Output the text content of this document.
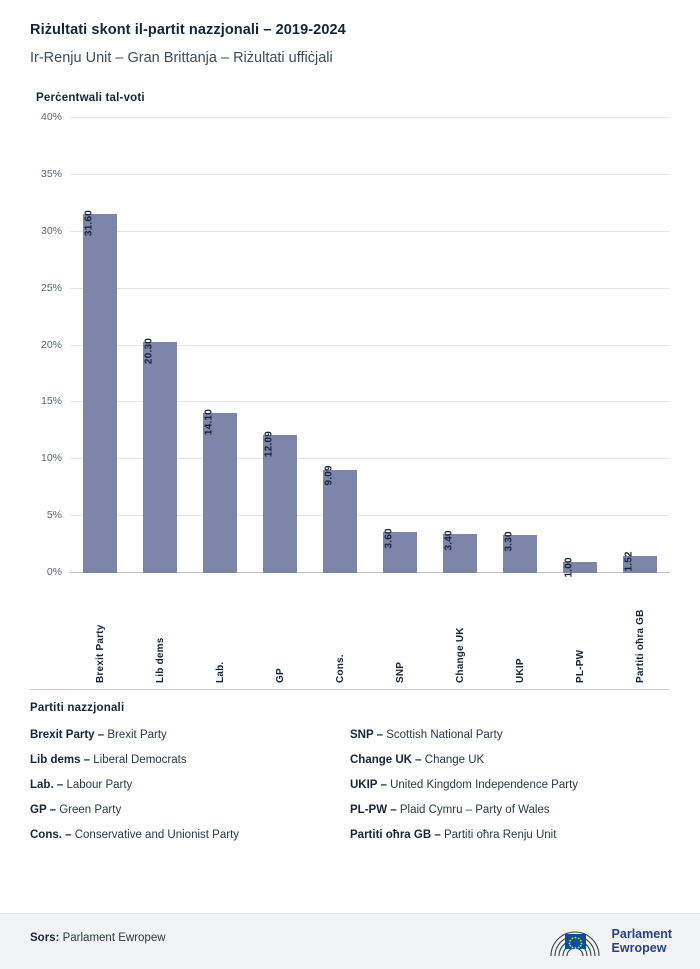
Riżultati skont il-partit nazzjonali – 2019-2024

Ir-Renju Unit – Gran Brittanja – Riżultati uffiċjali

Perċentwali tal-voti
0%
5%
10%
15%
20%
25%
30%
35%
40%
31.60
20.30
14.10
12.09
9.09
3.60	3.40	3.30
1.00	1.52
Brexit Party	Lib dems	Lab.	GP	Cons.	SNP	Change UK	UKIP	PL-PW	Partiti oħra GB
Partiti nazzjonali
Brexit Party – Brexit Party	SNP – Scottish National Party
Lib dems – Liberal Democrats	Change UK – Change UK
Lab. – Labour Party	UKIP – United Kingdom Independence Party
GP – Green Party	PL-PW – Plaid Cymru – Party of Wales
Cons. – Conservative and Unionist Party	Partiti oħra GB – Partiti oħra Renju Unit
Sors: Parlament Ewropew	Parlament
Ewropew
